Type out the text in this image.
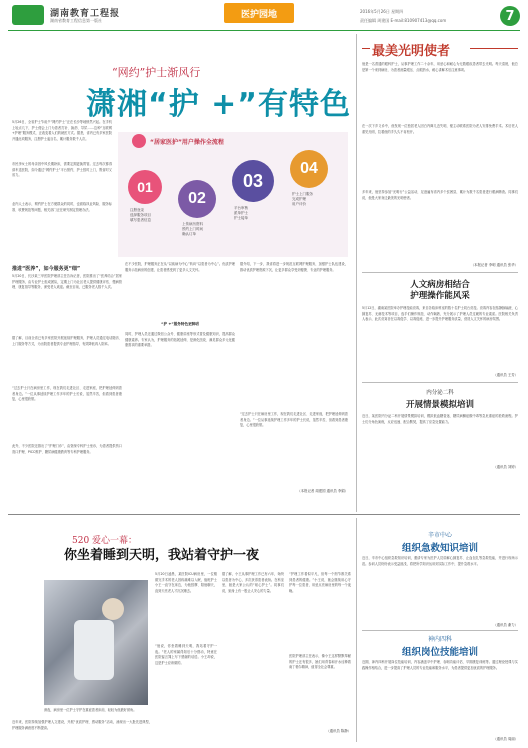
湖南教育工程报
湖南省教育工程信息第一版社
医护园地	2016年5月26日 星期四
责任编辑 周建国 E-mail:810907413@qq.com	7
“网约”护士渐风行
潇湘“护 +”有特色
5月26日，全省护士节前夕“网约护士”正在长沙等地悄然兴起。在手机上轻点几下，护士便会上门为患者打针、换药、导尿……这种“互联网+护理”服务模式，正改变着人们的就医方式。据悉，省内已有多家医院开通此项服务，注册护士逾百名，累计服务数千人次。
市民李女士的母亲因中风长期卧床，需要定期更换胃管。过去每次都得请车送医院，如今通过“网约护士”平台预约，护士按时上门，既省时又省力。
业内人士表示，网约护士在方便群众的同时，也面临执业风险、服务标准、收费规范等问题，相关部门正在研究制定管理办法。
推进“医养”，如今服务更“细”
5月20日，长沙某三甲医院护理部主任告诉记者，医院推出了“医养结合”居家护理服务，由专业护士组成团队，定期上门为社区老人提供健康评估、慢病管理、康复指导等服务，深受老人欢迎。截至目前，已服务老人数千人次。
据了解，目前全省已有多家医院开展延续护理服务，护理人员通过电话随访、上门服务等方式，为出院患者提供专业护理指导，有效降低再入院率。
“过去护士只在病房里工作，现在我们走进社区、走进家庭，把护理延伸到患者身边。”一位从事延续护理工作多年的护士长说，虽然辛苦，但看到患者康复，心里很欣慰。
此外，不少医院还推出了“护理门诊”，由资深专科护士坐诊，为患者提供伤口造口护理、PICC维护、糖尿病健康教育等专科护理服务。
“居家医护”用户操作全流程
01
注册登录
选择服务项目
填写患者信息
02
上传病历资料
预约上门时间
确认订单
03
平台审核
派单护士
护士接单
04
护士上门服务
完成护理
用户评价
在不少医院，护理服务正在从“以疾病为中心”转向“以患者为中心”。优质护理服务示范病房的创建，让患者感受到了更多人文关怀。
“护 +”服务特色更鲜明
同时，护理人员还通过微信公众号、健康讲座等形式普及健康知识，提高群众健康素养。专家认为，护理服务的拓展延伸，是深化医改、满足群众多元化健康需求的重要举措。
据介绍，下一步，我省将进一步规范互联网护理服务，加强护士队伍建设，推动优质护理资源下沉，让更多群众享受到便捷、专业的护理服务。
“过去护士只在病房里工作，现在我们走进社区、走进家庭，把护理延伸到患者身边。”一位从事延续护理工作多年的护士长说，虽然辛苦，但看到患者康复，心里很欣慰。
（本报记者 周建国 通讯员 李娟）
最美光明使者
他是一名普通的眼科护士，从事护理工作二十余年，用爱心和耐心为无数眼疾患者带去光明。每天清晨，他总是第一个来到病房，为患者测量眼压、点眼药水，耐心讲解术后注意事项。
在一次下乡义诊中，他发现一位独居老人因白内障几近失明，便主动联系医院为老人安排免费手术。术后老人重见光明，拉着他的手久久不肯松开。
多年来，他坚持参加“光明行”公益活动，足迹遍布省内多个贫困县，累计为数千名患者进行眼病筛查。同事们说，他是大家身边最美的光明使者。
（本报记者 李明 通讯员 张华）
人文病房相结合
护理操作能风采
5月12日，湖南某医院举办护理技能竞赛，来自各临床科室的数十名护士同台竞技。竞赛内容包括静脉输液、心肺复苏、无菌技术等项目，选手们操作规范、动作娴熟，充分展示了护理人员过硬的专业素质。医院相关负责人表示，此次竞赛旨在以赛促学、以赛促练，进一步提升护理服务质量，营造人文关怀的病房氛围。
（通讯员 王芳）
内分泌二科
开展情景模拟培训
近日，某医院内分泌二科开展情景模拟培训，模拟低血糖昏迷、糖尿病酮症酸中毒等急危重症的抢救流程。护士们分角色演练，反应迅速、配合默契，提高了应急处置能力。
（通讯员 刘婷）
520 爱心一幕：
你坐着睡到天明，我站着守护一夜
深夜，病房里一位护士守护在重症患者床前，轻轻为他掖好被角。
5月20日凌晨，某医院ICU病房里，一位刚做完手术的老人因疼痛难以入眠，值班护士小王一直守在床边，为他按摩、陪他聊天，直到天亮老人才沉沉睡去。
“他说，你坐着睡到天明，我站着守护一夜。”老人的家属得知后十分感动，特意在医院留言簿上写下感谢的话语。小王却说，这是护士应该做的。
据了解，小王从事护理工作已有六年，始终以患者为中心，多次获得患者表扬。在科室里，她是大家公认的“贴心护士”。同事们说，她身上有一股让人安心的力量。
“护理工作看似平凡，但每一个细节都关系到患者的健康。”小王说，她会继续用心守护每一位患者，用爱点亮病房里的每一个夜晚。
医院护理部主任表示，像小王这样默默奉献的护士还有很多，她们用青春和汗水诠释着南丁格尔精神，值得全社会尊重。
近年来，医院持续加强护理人文建设，开展“优质护理、感动服务”活动，涌现出一大批先进典型，护理服务满意度不断提高。
（通讯员 陈静）
辛市中心
组织急救知识培训
近日，辛市中心组织急救知识培训，邀请专家为医护人员讲解心肺复苏、止血包扎等急救技能，并进行现场示范。参训人员纷纷表示受益匪浅，将把所学知识运用到实际工作中，提升急救水平。
（通讯员 谢力）
神内四科
组织岗位技能培训
近期，神内四科开展岗位技能培训，内容涵盖卒中护理、吞咽功能评估、早期康复训练等。通过理论授课与实践操作相结合，进一步提高了护理人员的专业技能和服务水平，为患者提供更加优质的护理服务。
（通讯员 周丽）
